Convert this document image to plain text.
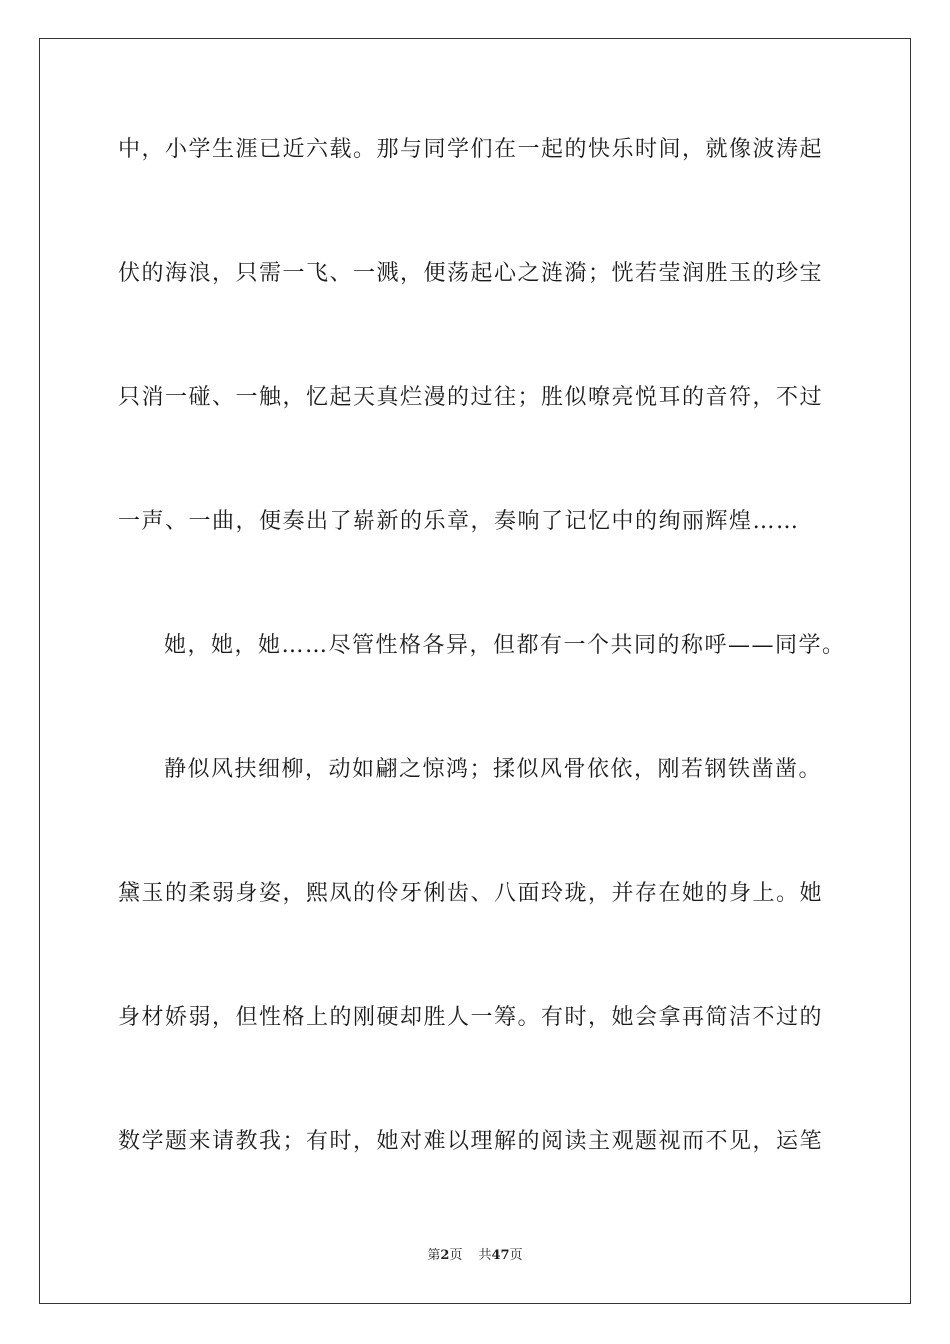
中，小学生涯已近六载。那与同学们在一起的快乐时间，就像波涛起
伏的海浪，只需一飞、一溅，便荡起心之涟漪；恍若莹润胜玉的珍宝
只消一碰、一触，忆起天真烂漫的过往；胜似嘹亮悦耳的音符，不过
一声、一曲，便奏出了崭新的乐章，奏响了记忆中的绚丽辉煌……
她，她，她……尽管性格各异，但都有一个共同的称呼——同学。
静似风扶细柳，动如翩之惊鸿；揉似风骨依依，刚若钢铁凿凿。
黛玉的柔弱身姿，熙凤的伶牙俐齿、八面玲珑，并存在她的身上。她
身材娇弱，但性格上的刚硬却胜人一筹。有时，她会拿再简洁不过的
数学题来请教我；有时，她对难以理解的阅读主观题视而不见，运笔
第2页 共47页
